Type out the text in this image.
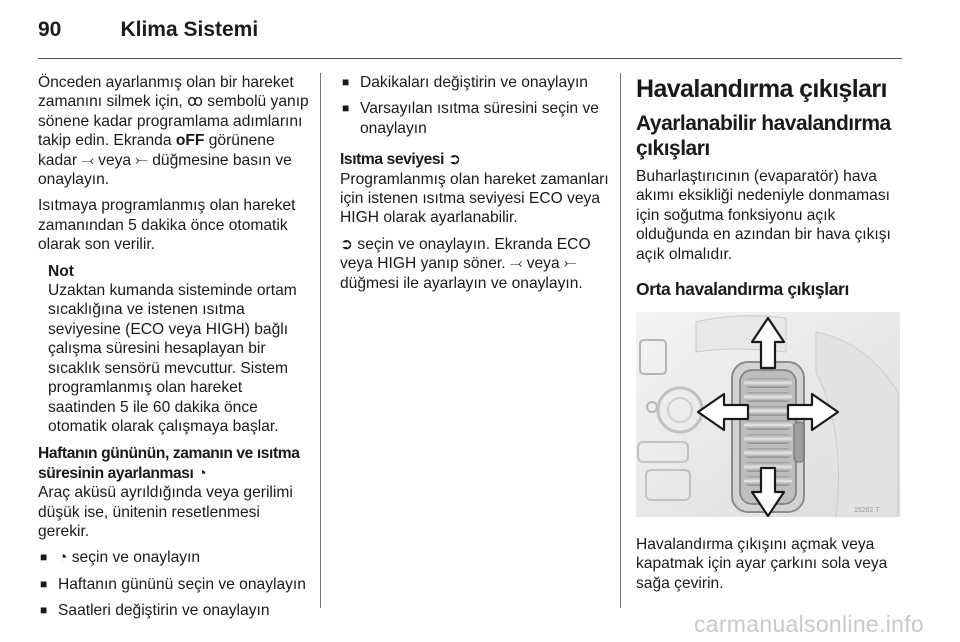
90	Klima Sistemi

Önceden ayarlanmış olan bir hareket zamanını silmek için, ꝏ sembolü yanıp sönene kadar programlama adımlarını takip edin. Ekranda oFF görünene kadar ⤙ veya ⤚ düğmesine basın ve onaylayın.

Isıtmaya programlanmış olan hareket zamanından 5 dakika önce otomatik olarak son verilir.

Not
Uzaktan kumanda sisteminde ortam sıcaklığına ve istenen ısıtma seviyesine (ECO veya HIGH) bağlı çalışma süresini hesaplayan bir sıcaklık sensörü mevcuttur. Sistem programlanmış olan hareket saatinden 5 ile 60 dakika önce otomatik olarak çalışmaya başlar.
Haftanın gününün, zamanın ve ısıtma süresinin ayarlanması ◔

Araç aküsü ayrıldığında veya gerilimi düşük ise, ünitenin resetlenmesi gerekir.

■ ◔ seçin ve onaylayın
■ Haftanın gününü seçin ve onaylayın
■ Saatleri değiştirin ve onaylayın
■ Dakikaları değiştirin ve onaylayın
■ Varsayılan ısıtma süresini seçin ve onaylayın
Isıtma seviyesi ➲

Programlanmış olan hareket zamanları için istenen ısıtma seviyesi ECO veya HIGH olarak ayarlanabilir.

➲ seçin ve onaylayın. Ekranda ECO veya HIGH yanıp söner. ⤙ veya ⤚ düğmesi ile ayarlayın ve onaylayın.

Havalandırma çıkışları
Ayarlanabilir havalandırma çıkışları

Buharlaştırıcının (evaparatör) hava akımı eksikliği nedeniyle donmaması için soğutma fonksiyonu açık olduğunda en azından bir hava çıkışı açık olmalıdır.

Orta havalandırma çıkışları
15262 T

Havalandırma çıkışını açmak veya kapatmak için ayar çarkını sola veya sağa çevirin.

carmanualsonline.info
